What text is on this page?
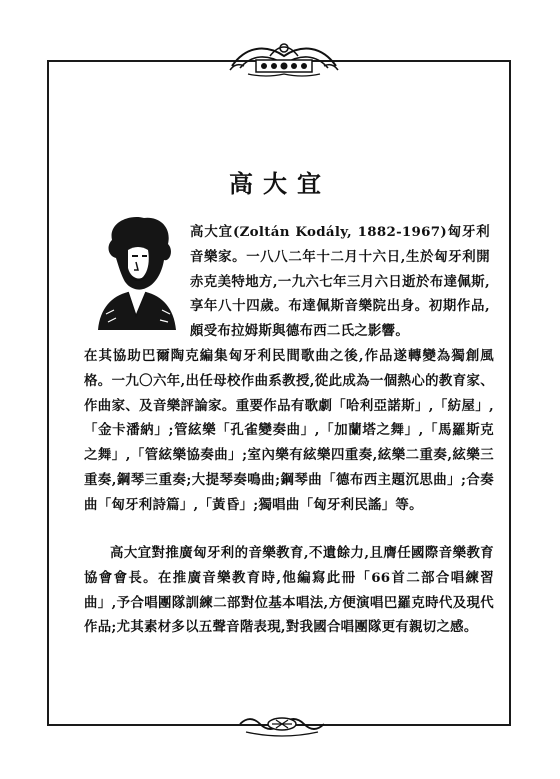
高大宜

高大宜(Zoltán Kodály, 1882-1967)匈牙利音樂家。一八八二年十二月十六日,生於匈牙利開赤克美特地方,一九六七年三月六日逝於布達佩斯,享年八十四歲。布達佩斯音樂院出身。初期作品,頗受布拉姆斯與德布西二氏之影響。

在其協助巴爾陶克編集匈牙利民間歌曲之後,作品遂轉變為獨創風格。一九〇六年,出任母校作曲系教授,從此成為一個熱心的教育家、作曲家、及音樂評論家。重要作品有歌劇「哈利亞諾斯」,「紡屋」,「金卡潘納」;管絃樂「孔雀變奏曲」,「加蘭塔之舞」,「馬羅斯克之舞」,「管絃樂協奏曲」;室內樂有絃樂四重奏,絃樂二重奏,絃樂三重奏,鋼琴三重奏;大提琴奏鳴曲;鋼琴曲「德布西主題沉思曲」;合奏曲「匈牙利詩篇」,「黃昏」;獨唱曲「匈牙利民謠」等。

高大宜對推廣匈牙利的音樂教育,不遺餘力,且膺任國際音樂教育協會會長。在推廣音樂教育時,他編寫此冊「66首二部合唱練習曲」,予合唱團隊訓練二部對位基本唱法,方便演唱巴羅克時代及現代作品;尤其素材多以五聲音階表現,對我國合唱團隊更有親切之感。
